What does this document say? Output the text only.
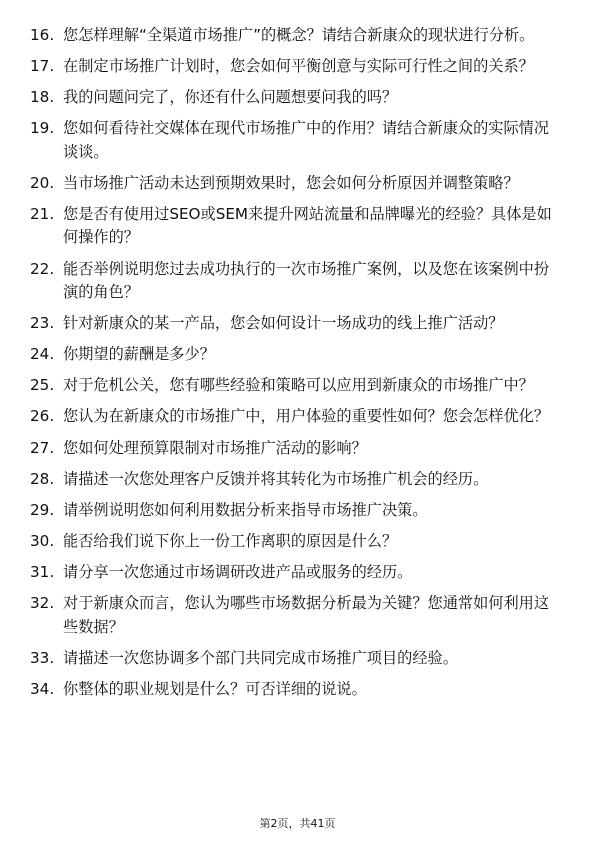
16. 您怎样理解“全渠道市场推广”的概念？请结合新康众的现状进行分析。
17. 在制定市场推广计划时，您会如何平衡创意与实际可行性之间的关系？
18. 我的问题问完了，你还有什么问题想要问我的吗？
19. 您如何看待社交媒体在现代市场推广中的作用？请结合新康众的实际情况谈谈。
20. 当市场推广活动未达到预期效果时，您会如何分析原因并调整策略？
21. 您是否有使用过SEO或SEM来提升网站流量和品牌曝光的经验？具体是如何操作的？
22. 能否举例说明您过去成功执行的一次市场推广案例，以及您在该案例中扮演的角色？
23. 针对新康众的某一产品，您会如何设计一场成功的线上推广活动？
24. 你期望的薪酬是多少？
25. 对于危机公关，您有哪些经验和策略可以应用到新康众的市场推广中？
26. 您认为在新康众的市场推广中，用户体验的重要性如何？您会怎样优化？
27. 您如何处理预算限制对市场推广活动的影响？
28. 请描述一次您处理客户反馈并将其转化为市场推广机会的经历。
29. 请举例说明您如何利用数据分析来指导市场推广决策。
30. 能否给我们说下你上一份工作离职的原因是什么？
31. 请分享一次您通过市场调研改进产品或服务的经历。
32. 对于新康众而言，您认为哪些市场数据分析最为关键？您通常如何利用这些数据？
33. 请描述一次您协调多个部门共同完成市场推广项目的经验。
34. 你整体的职业规划是什么？可否详细的说说。
第2页，共41页
